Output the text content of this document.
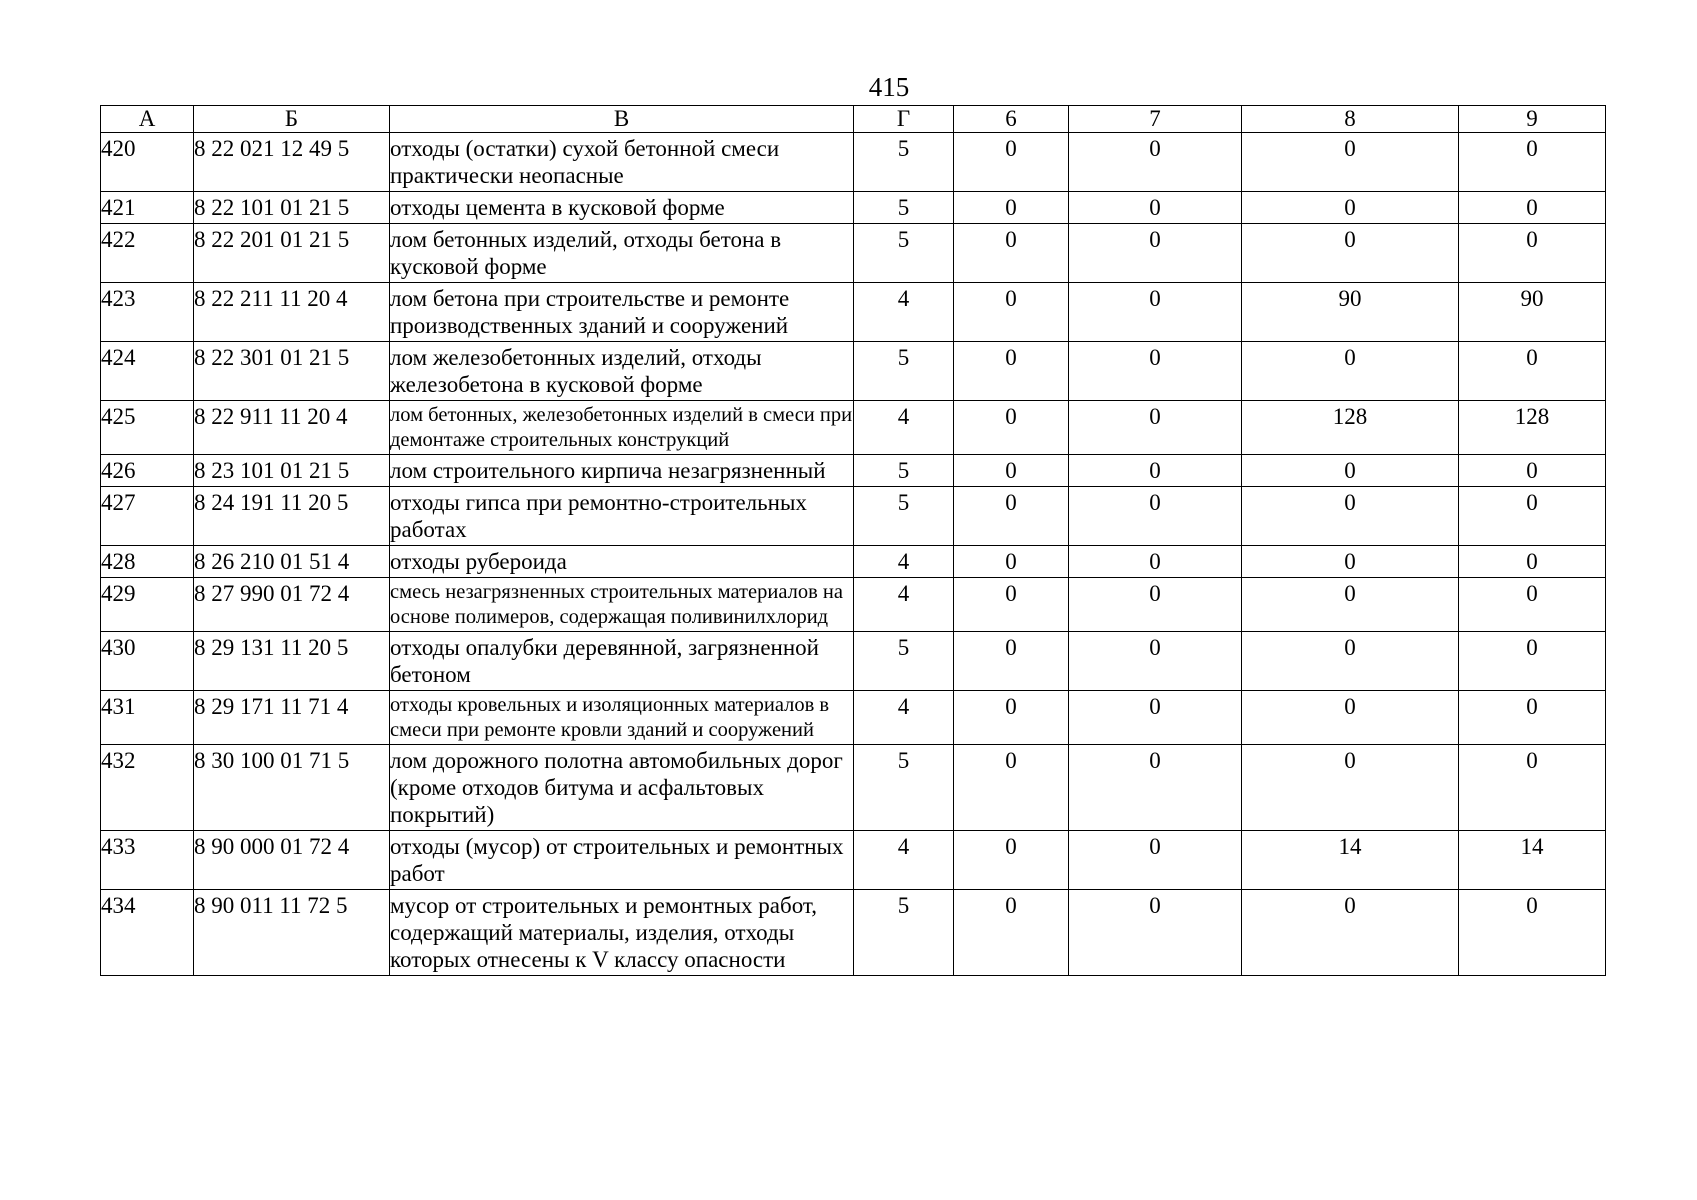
415
А	Б	В	Г	6	7	8	9
420	8 22 021 12 49 5	отходы (остатки) сухой бетонной смеси практически неопасные	5	0	0	0	0
421	8 22 101 01 21 5	отходы цемента в кусковой форме	5	0	0	0	0
422	8 22 201 01 21 5	лом бетонных изделий, отходы бетона в кусковой форме	5	0	0	0	0
423	8 22 211 11 20 4	лом бетона при строительстве и ремонте производственных зданий и сооружений	4	0	0	90	90
424	8 22 301 01 21 5	лом железобетонных изделий, отходы железобетона в кусковой форме	5	0	0	0	0
425	8 22 911 11 20 4	лом бетонных, железобетонных изделий в смеси при демонтаже строительных конструкций	4	0	0	128	128
426	8 23 101 01 21 5	лом строительного кирпича незагрязненный	5	0	0	0	0
427	8 24 191 11 20 5	отходы гипса при ремонтно-строительных работах	5	0	0	0	0
428	8 26 210 01 51 4	отходы рубероида	4	0	0	0	0
429	8 27 990 01 72 4	смесь незагрязненных строительных материалов на основе полимеров, содержащая поливинилхлорид	4	0	0	0	0
430	8 29 131 11 20 5	отходы опалубки деревянной, загрязненной бетоном	5	0	0	0	0
431	8 29 171 11 71 4	отходы кровельных и изоляционных материалов в смеси при ремонте кровли зданий и сооружений	4	0	0	0	0
432	8 30 100 01 71 5	лом дорожного полотна автомобильных дорог (кроме отходов битума и асфальтовых покрытий)	5	0	0	0	0
433	8 90 000 01 72 4	отходы (мусор) от строительных и ремонтных работ	4	0	0	14	14
434	8 90 011 11 72 5	мусор от строительных и ремонтных работ, содержащий материалы, изделия, отходы которых отнесены к V классу опасности	5	0	0	0	0
